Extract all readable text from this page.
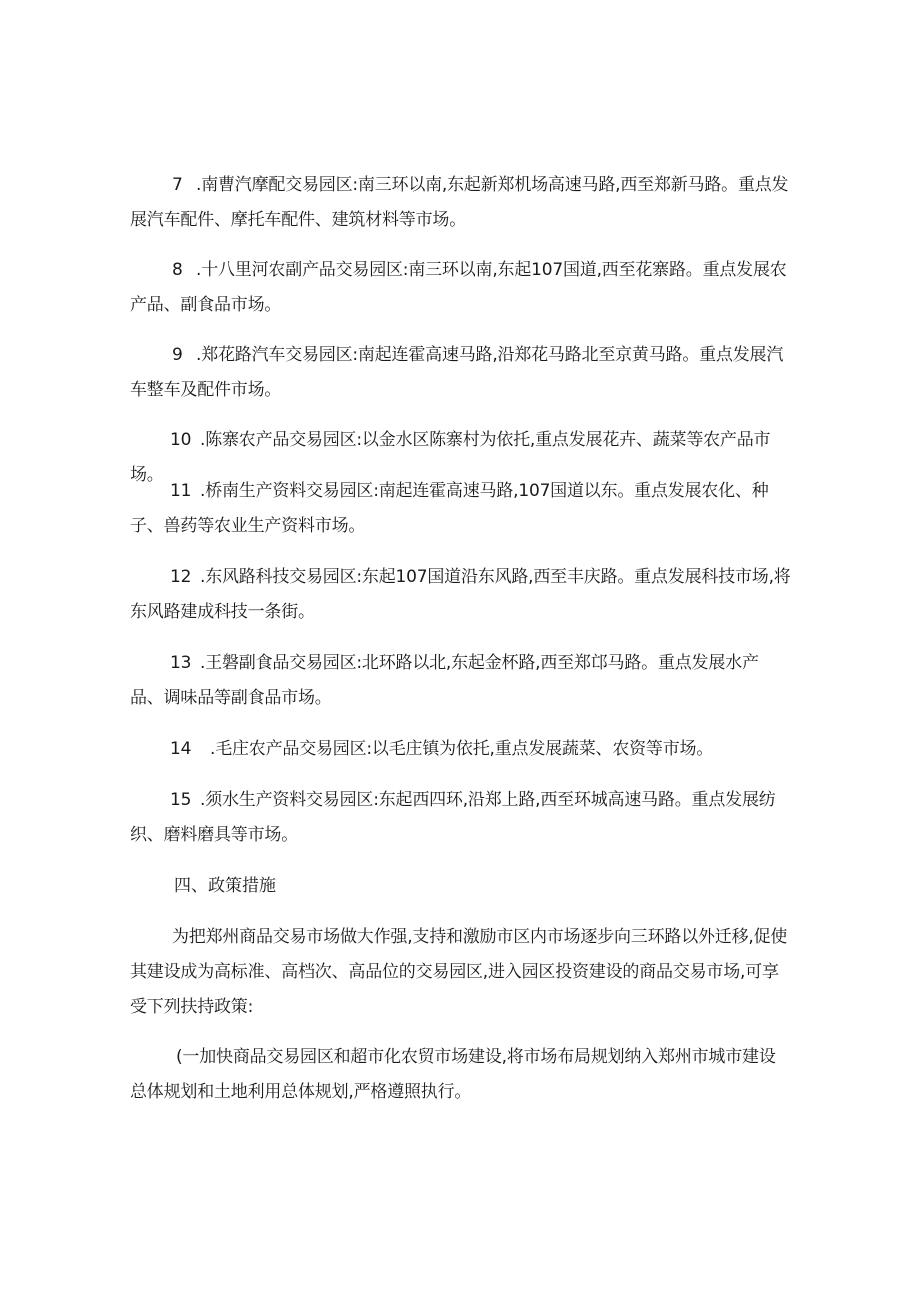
7 .南曹汽摩配交易园区:南三环以南,东起新郑机场高速马路,西至郑新马路。重点发展汽车配件、摩托车配件、建筑材料等市场。

8 .十八里河农副产品交易园区:南三环以南,东起107国道,西至花寨路。重点发展农产品、副食品市场。

9 .郑花路汽车交易园区:南起连霍高速马路,沿郑花马路北至京黄马路。重点发展汽车整车及配件市场。

10 .陈寨农产品交易园区:以金水区陈寨村为依托,重点发展花卉、蔬菜等农产品市场。

11 .桥南生产资料交易园区:南起连霍高速马路,107国道以东。重点发展农化、种子、兽药等农业生产资料市场。

12 .东风路科技交易园区:东起107国道沿东风路,西至丰庆路。重点发展科技市场,将东风路建成科技一条街。

13 .王磐副食品交易园区:北环路以北,东起金杯路,西至郑邙马路。重点发展水产品、调味品等副食品市场。

14 .毛庄农产品交易园区:以毛庄镇为依托,重点发展蔬菜、农资等市场。

15 .须水生产资料交易园区:东起西四环,沿郑上路,西至环城高速马路。重点发展纺织、磨料磨具等市场。

四、政策措施

为把郑州商品交易市场做大作强,支持和激励市区内市场逐步向三环路以外迁移,促使其建设成为高标准、高档次、高品位的交易园区,进入园区投资建设的商品交易市场,可享受下列扶持政策:

(一加快商品交易园区和超市化农贸市场建设,将市场布局规划纳入郑州市城市建设总体规划和土地利用总体规划,严格遵照执行。
